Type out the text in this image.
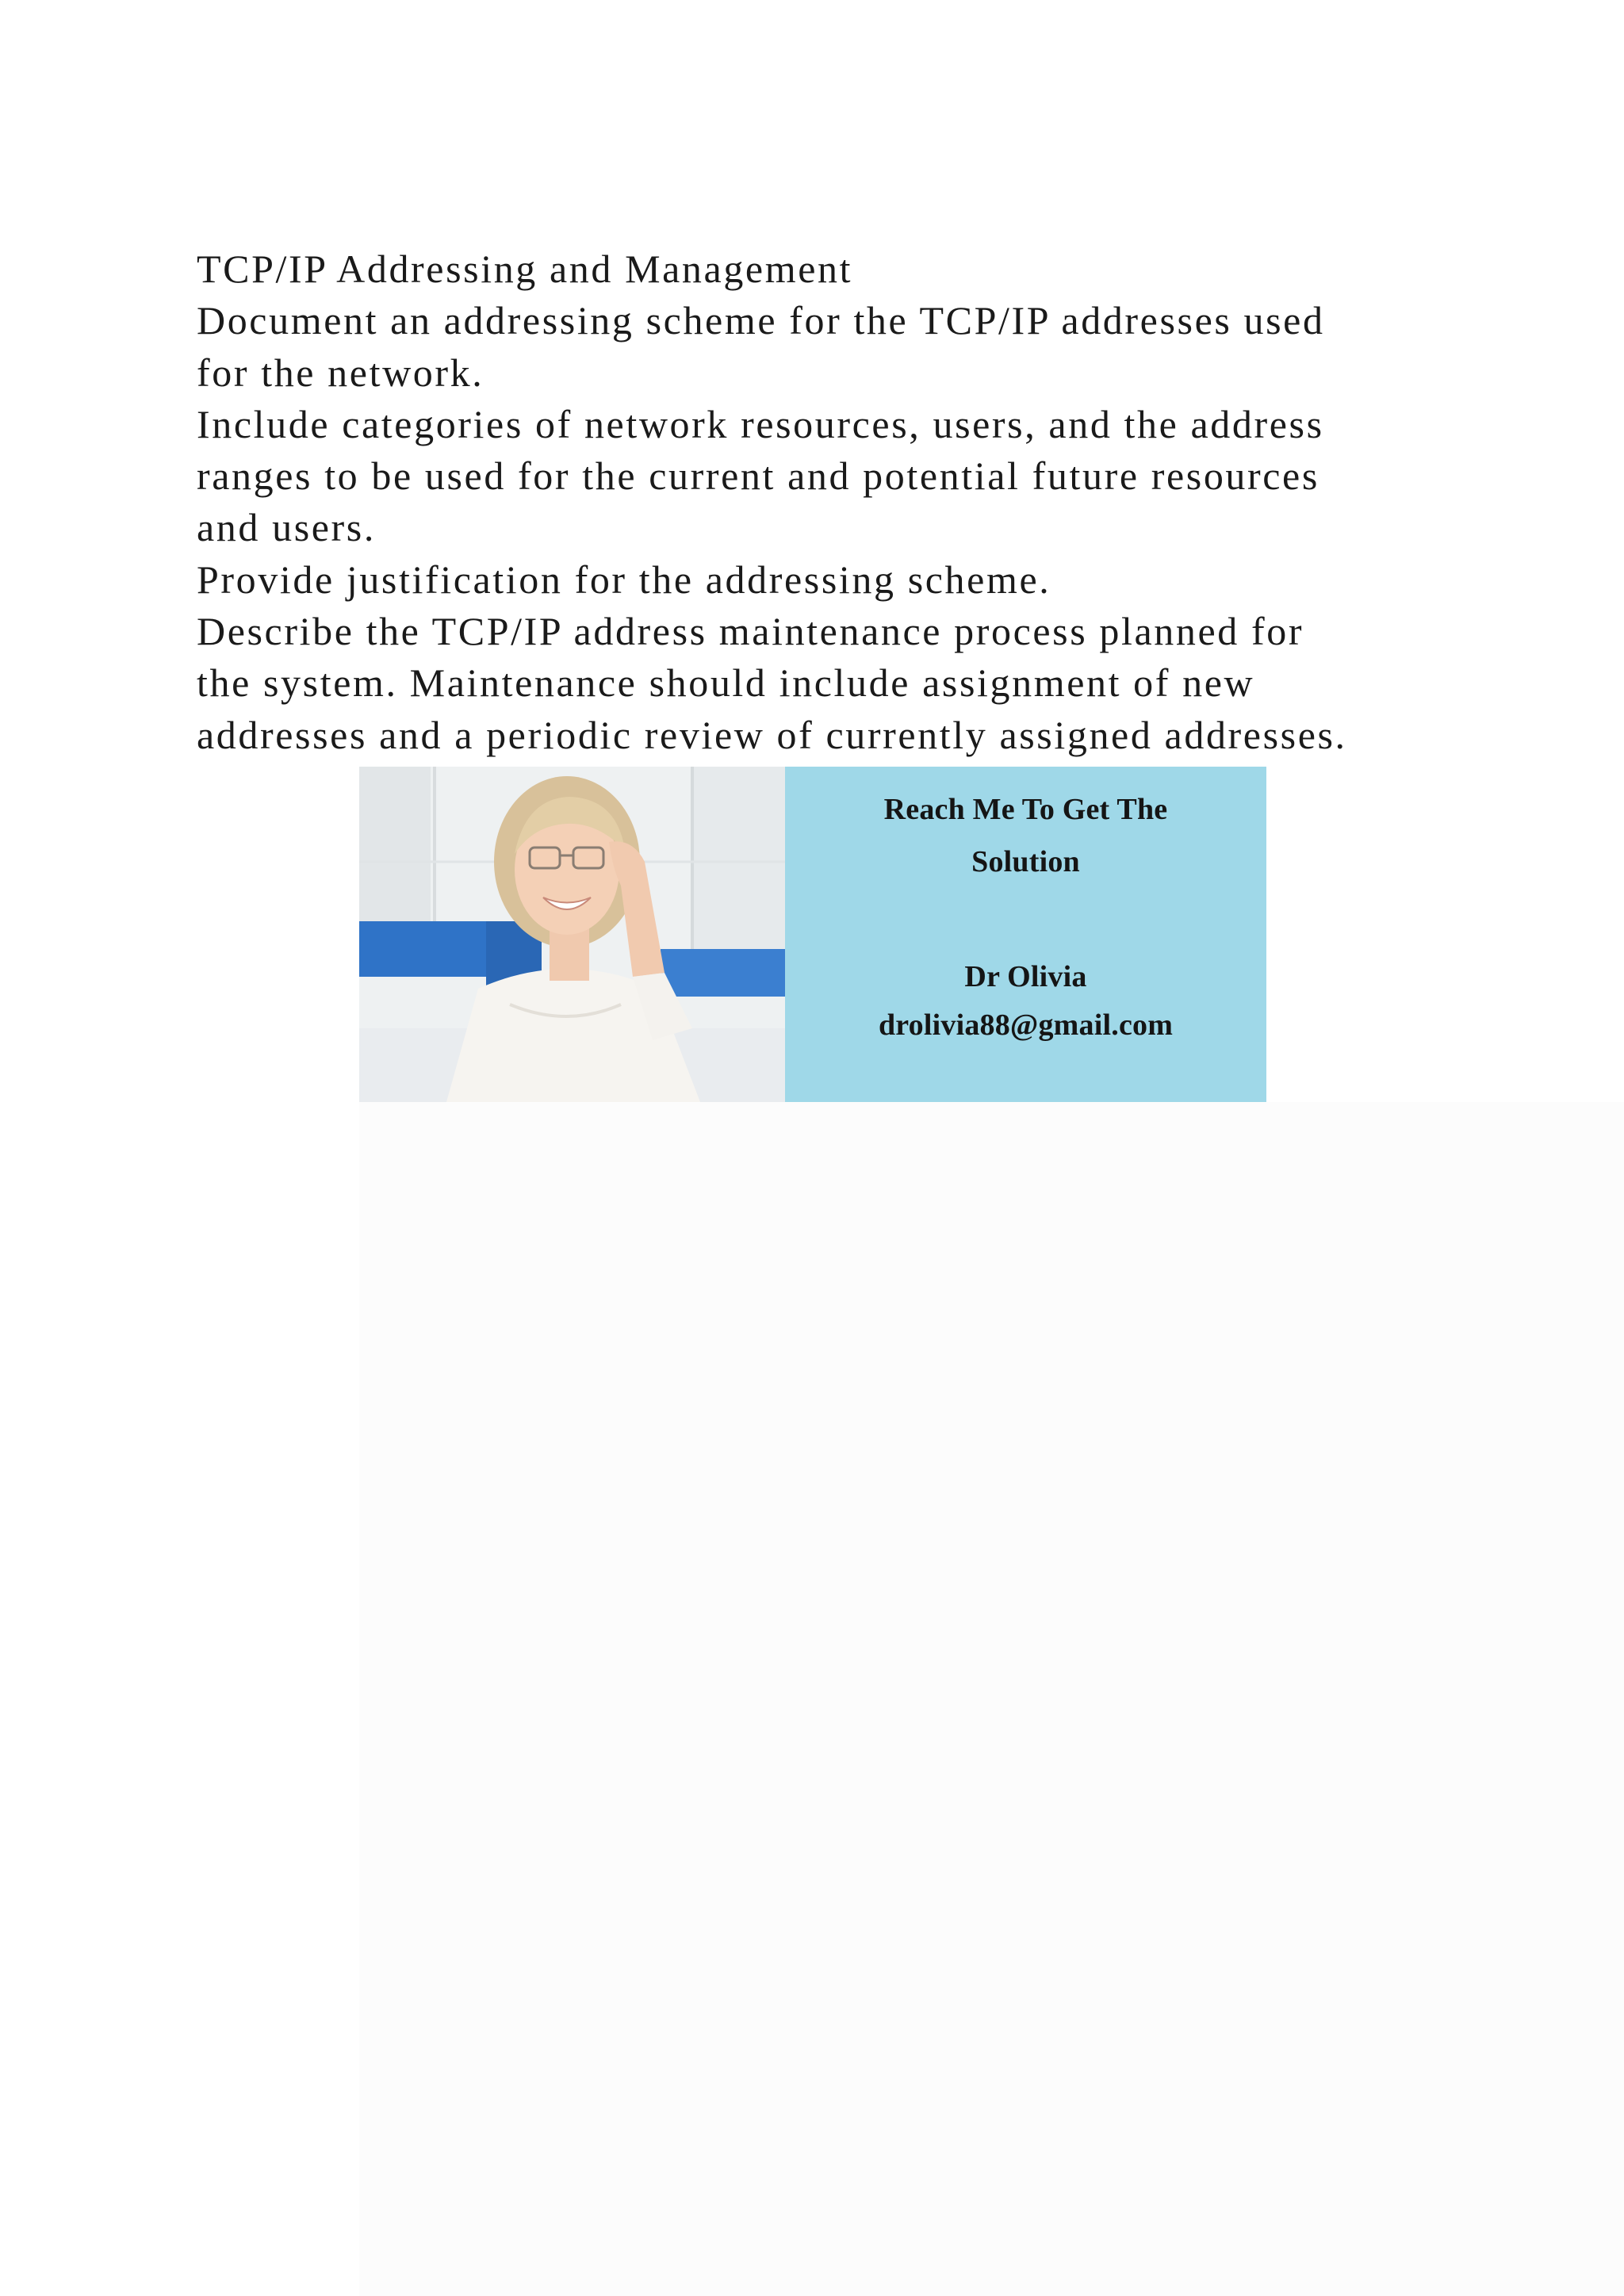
TCP/IP Addressing and Management

Document an addressing scheme for the TCP/IP addresses used

for the network.

Include categories of network resources, users, and the address

ranges to be used for the current and potential future resources

and users.

Provide justification for the addressing scheme.

Describe the TCP/IP address maintenance process planned for

the system. Maintenance should include assignment of new

addresses and a periodic review of currently assigned addresses.

Reach Me To Get The
Solution
Dr Olivia
drolivia88@gmail.com
